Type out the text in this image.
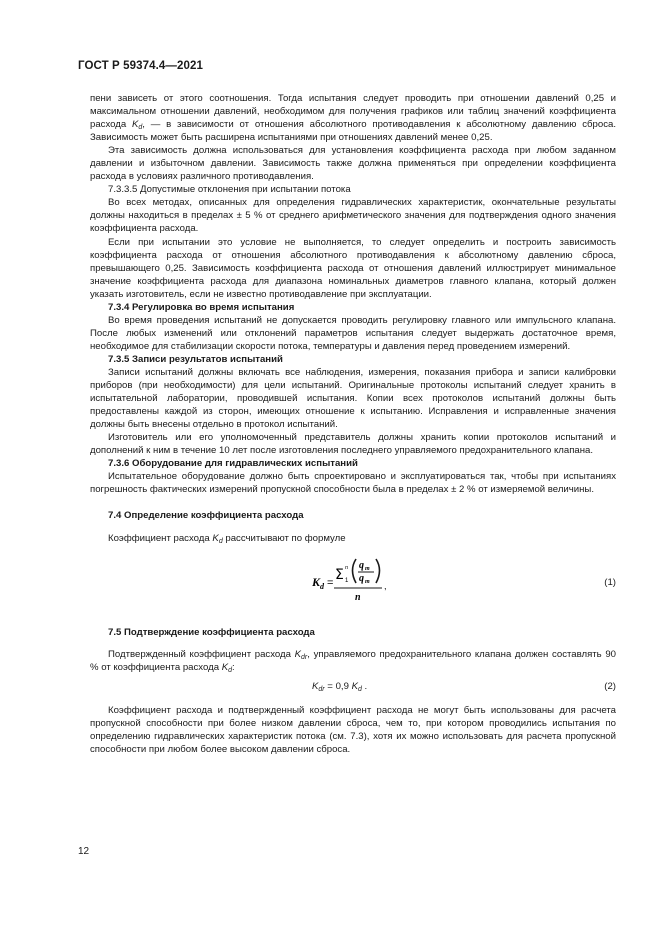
ГОСТ Р 59374.4—2021

пени зависеть от этого соотношения. Тогда испытания следует проводить при отношении давлений 0,25 и максимальном отношении давлений, необходимом для получения графиков или таблиц значений коэффициента расхода $K_d$, — в зависимости от отношения абсолютного противодавления к абсолютному давлению сброса. Зависимость может быть расширена испытаниями при отношениях давлений менее 0,25.

Эта зависимость должна использоваться для установления коэффициента расхода при любом заданном давлении и избыточном давлении. Зависимость также должна применяться при определении коэффициента расхода в условиях различного противодавления.

7.3.3.5 Допустимые отклонения при испытании потока

Во всех методах, описанных для определения гидравлических характеристик, окончательные результаты должны находиться в пределах ± 5 % от среднего арифметического значения для подтверждения одного значения коэффициента расхода.

Если при испытании это условие не выполняется, то следует определить и построить зависимость коэффициента расхода от отношения абсолютного противодавления к абсолютному давлению сброса, превышающего 0,25. Зависимость коэффициента расхода от отношения давлений иллюстрирует минимальное значение коэффициента расхода для диапазона номинальных диаметров главного клапана, который должен указать изготовитель, если не известно противодавление при эксплуатации.

7.3.4 Регулировка во время испытания

Во время проведения испытаний не допускается проводить регулировку главного или импульсного клапана. После любых изменений или отклонений параметров испытания следует выдержать достаточное время, необходимое для стабилизации скорости потока, температуры и давления перед проведением измерений.

7.3.5 Записи результатов испытаний

Записи испытаний должны включать все наблюдения, измерения, показания прибора и записи калибровки приборов (при необходимости) для цели испытаний. Оригинальные протоколы испытаний следует хранить в испытательной лаборатории, проводившей испытания. Копии всех протоколов испытаний должны быть предоставлены каждой из сторон, имеющих отношение к испытанию. Исправления и исправленные значения должны быть внесены отдельно в протокол испытаний.

Изготовитель или его уполномоченный представитель должны хранить копии протоколов испытаний и дополнений к ним в течение 10 лет после изготовления последнего управляемого предохранительного клапана.

7.3.6 Оборудование для гидравлических испытаний

Испытательное оборудование должно быть спроектировано и эксплуатироваться так, чтобы при испытаниях погрешность фактических измерений пропускной способности была в пределах ± 2 % от измеряемой величины.

7.4 Определение коэффициента расхода

Коэффициент расхода $K_d$ рассчитывают по формуле

K d = Σ n
1
q m
q m
n
,	(1)

7.5 Подтверждение коэффициента расхода

Подтвержденный коэффициент расхода $K_{dr}$, управляемого предохранительного клапана должен составлять 90 % от коэффициента расхода $K_d$:

$K_{dr} = 0,9$ $K_d$ .	(2)

Коэффициент расхода и подтвержденный коэффициент расхода не могут быть использованы для расчета пропускной способности при более низком давлении сброса, чем то, при котором проводились испытания по определению гидравлических характеристик потока (см. 7.3), хотя их можно использовать для расчета пропускной способности при любом более высоком давлении сброса.

12
